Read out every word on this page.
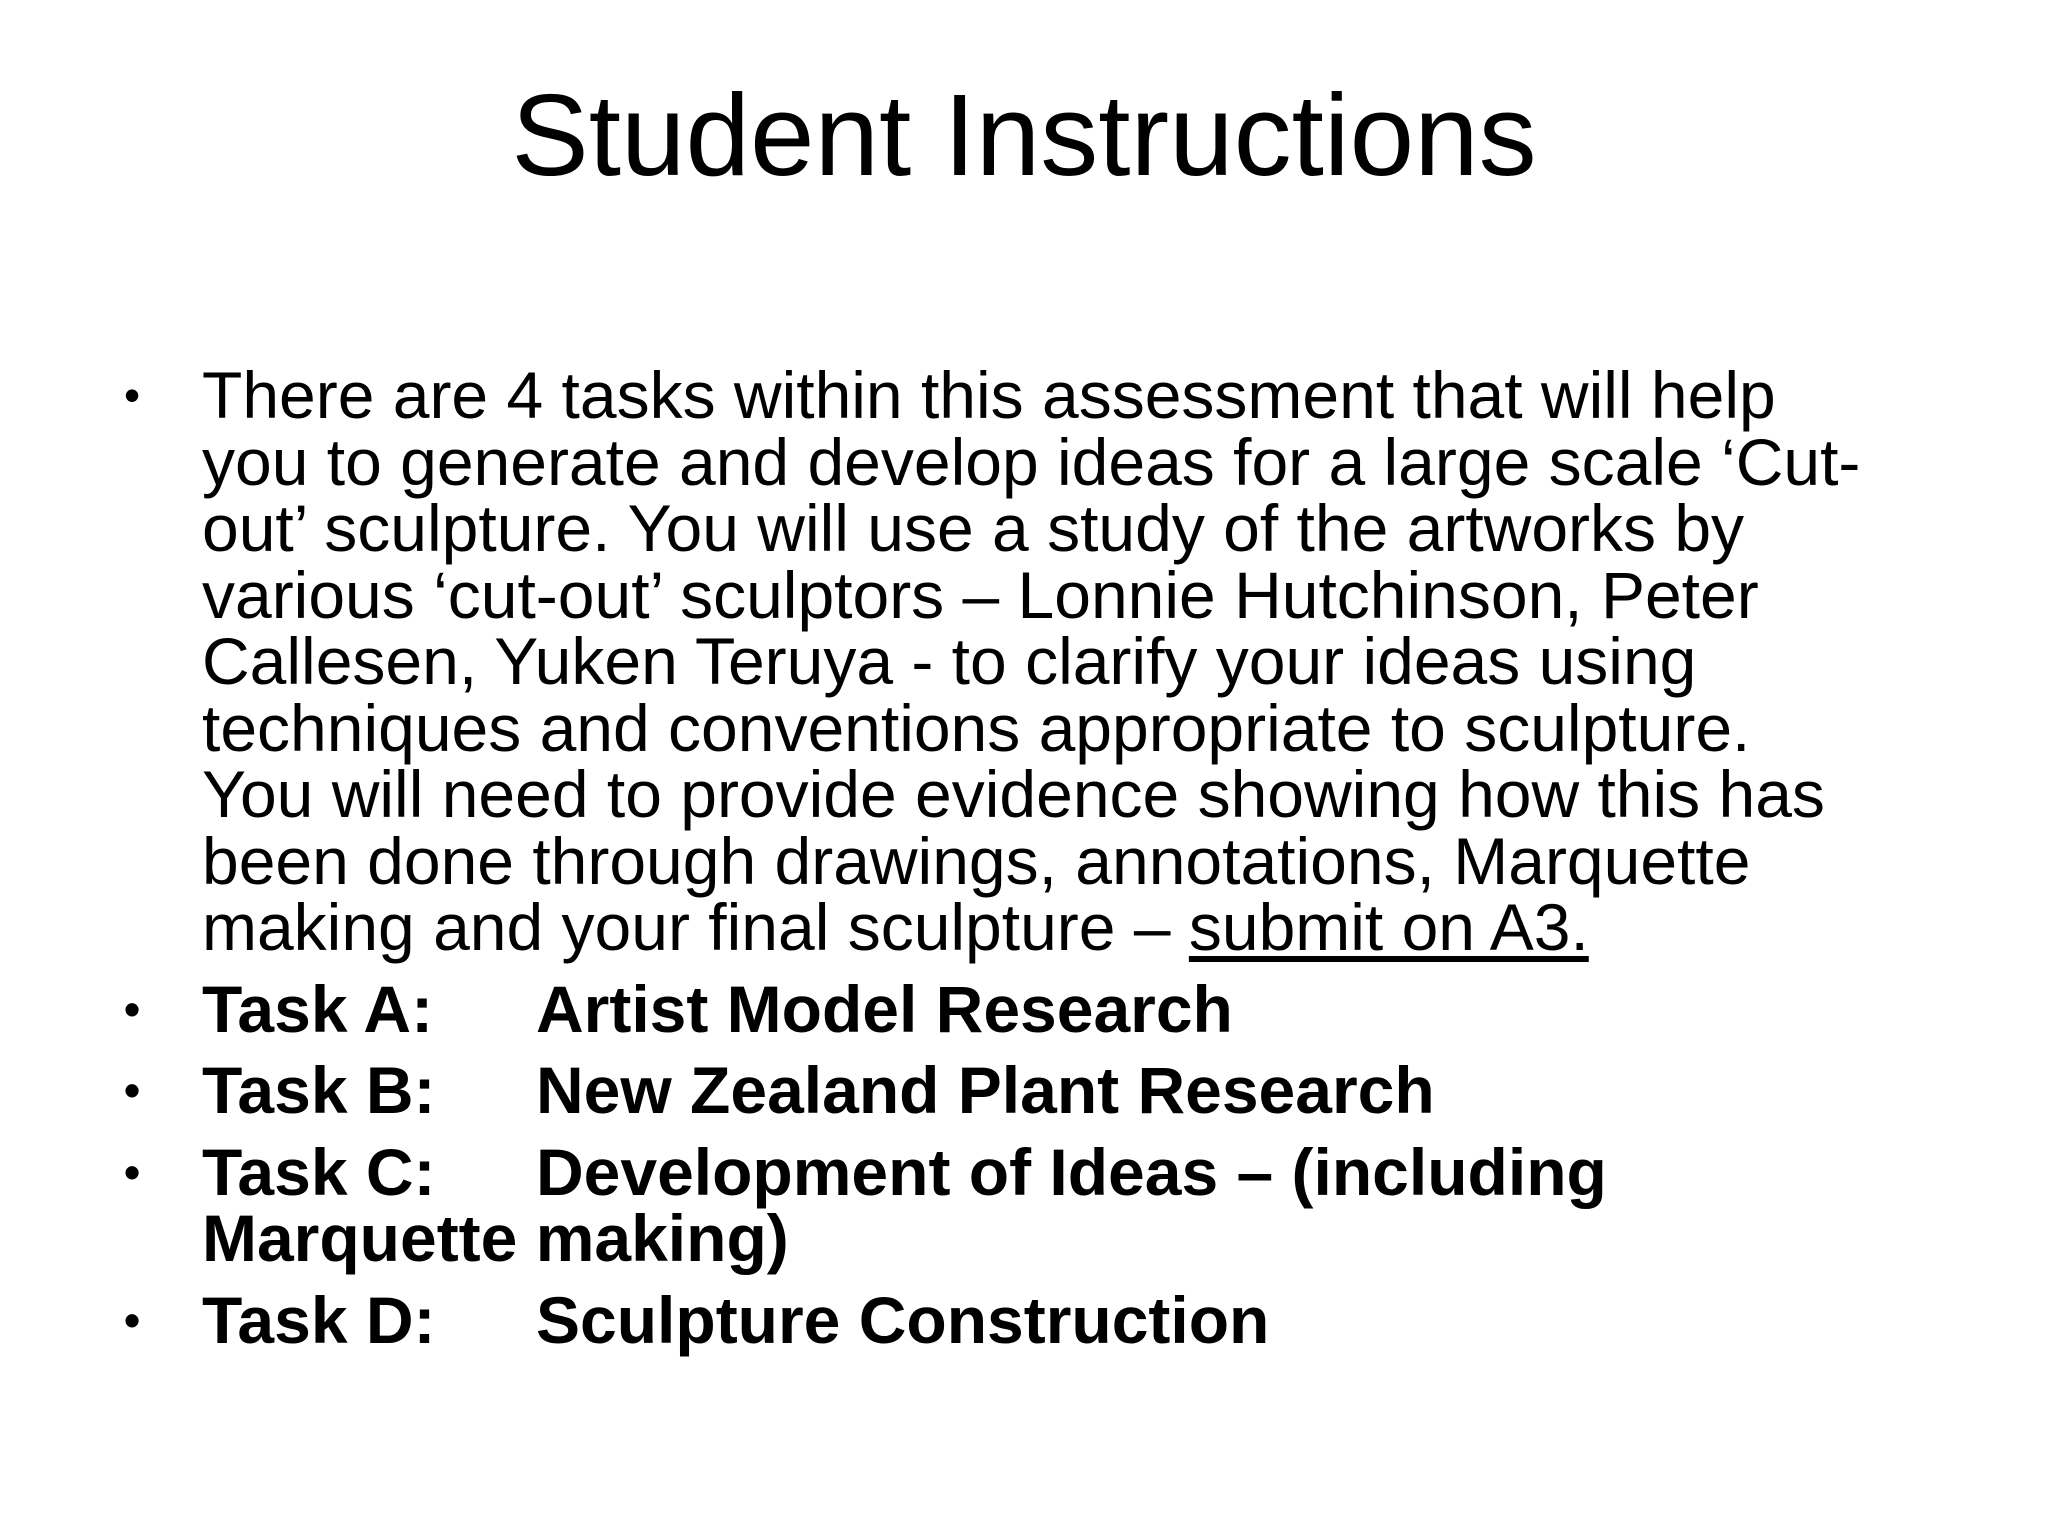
Student Instructions
• There are 4 tasks within this assessment that will help
you to generate and develop ideas for a large scale ‘Cut-
out’ sculpture. You will use a study of the artworks by
various ‘cut-out’ sculptors – Lonnie Hutchinson, Peter
Callesen, Yuken Teruya - to clarify your ideas using
techniques and conventions appropriate to sculpture.
You will need to provide evidence showing how this has
been done through drawings, annotations, Marquette
making and your final sculpture – submit on A3.
• Task A: Artist Model Research
• Task B: New Zealand Plant Research
• Task C: Development of Ideas – (including
Marquette making)
• Task D: Sculpture Construction
